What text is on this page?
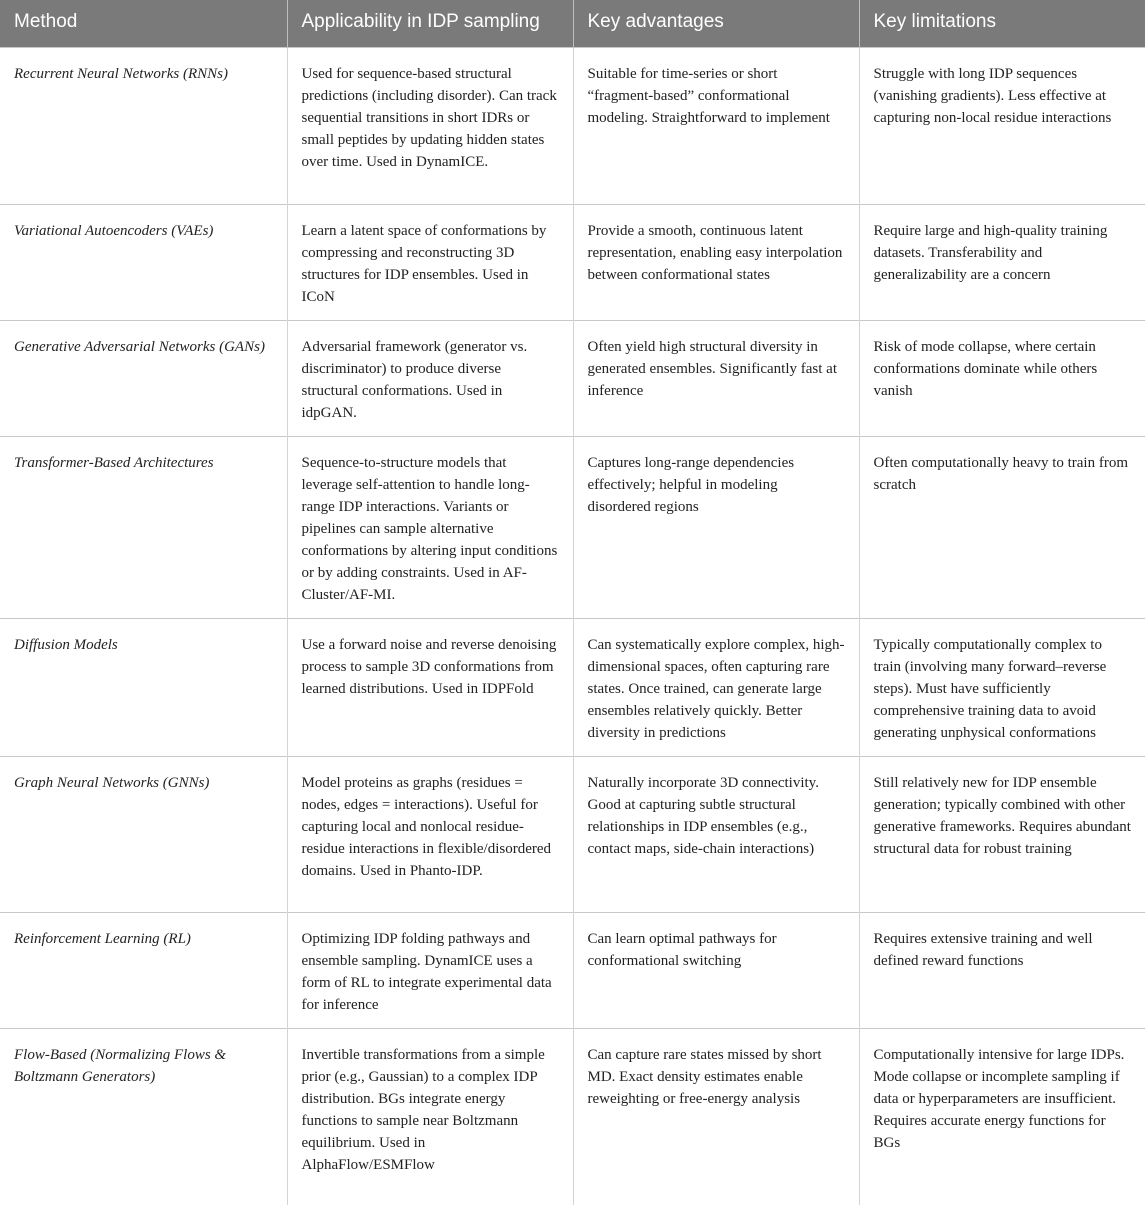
Method	Applicability in IDP sampling	Key advantages	Key limitations
Recurrent Neural Networks (RNNs)	Used for sequence-based structural predictions (including disorder). Can track sequential transitions in short IDRs or small peptides by updating hidden states over time. Used in DynamICE.	Suitable for time-series or short “fragment-based” conformational modeling. Straightforward to implement	Struggle with long IDP sequences (vanishing gradients). Less effective at capturing non-local residue interactions
Variational Autoencoders (VAEs)	Learn a latent space of conformations by compressing and reconstructing 3D structures for IDP ensembles. Used in ICoN	Provide a smooth, continuous latent representation, enabling easy interpolation between conformational states	Require large and high-quality training datasets. Transferability and generalizability are a concern
Generative Adversarial Networks (GANs)	Adversarial framework (generator vs. discriminator) to produce diverse structural conformations. Used in idpGAN.	Often yield high structural diversity in generated ensembles. Significantly fast at inference	Risk of mode collapse, where certain conformations dominate while others vanish
Transformer-Based Architectures	Sequence-to-structure models that leverage self-attention to handle long-range IDP interactions. Variants or pipelines can sample alternative conformations by altering input conditions or by adding constraints. Used in AF-Cluster/AF-MI.	Captures long-range dependencies effectively; helpful in modeling disordered regions	Often computationally heavy to train from scratch
Diffusion Models	Use a forward noise and reverse denoising process to sample 3D conformations from learned distributions. Used in IDPFold	Can systematically explore complex, high-dimensional spaces, often capturing rare states. Once trained, can generate large ensembles relatively quickly. Better diversity in predictions	Typically computationally complex to train (involving many forward–reverse steps). Must have sufficiently comprehensive training data to avoid generating unphysical conformations
Graph Neural Networks (GNNs)	Model proteins as graphs (residues = nodes, edges = interactions). Useful for capturing local and nonlocal residue-residue interactions in flexible/disordered domains. Used in Phanto-IDP.	Naturally incorporate 3D connectivity. Good at capturing subtle structural relationships in IDP ensembles (e.g., contact maps, side-chain interactions)	Still relatively new for IDP ensemble generation; typically combined with other generative frameworks. Requires abundant structural data for robust training
Reinforcement Learning (RL)	Optimizing IDP folding pathways and ensemble sampling. DynamICE uses a form of RL to integrate experimental data for inference	Can learn optimal pathways for conformational switching	Requires extensive training and well defined reward functions
Flow-Based (Normalizing Flows & Boltzmann Generators)	Invertible transformations from a simple prior (e.g., Gaussian) to a complex IDP distribution. BGs integrate energy functions to sample near Boltzmann equilibrium. Used in AlphaFlow/ESMFlow	Can capture rare states missed by short MD. Exact density estimates enable reweighting or free-energy analysis	Computationally intensive for large IDPs. Mode collapse or incomplete sampling if data or hyperparameters are insufficient. Requires accurate energy functions for BGs
